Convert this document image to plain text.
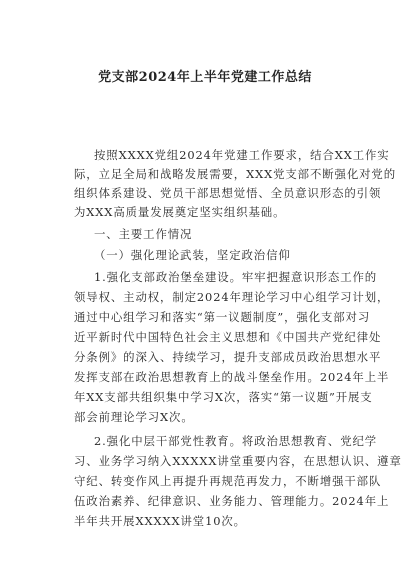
党支部2024年上半年党建工作总结

按照XXXX党组2024年党建工作要求，结合XX工作实

际，立足全局和战略发展需要，XXX党支部不断强化对党的

组织体系建设、党员干部思想觉悟、全员意识形态的引领

为XXX高质量发展奠定坚实组织基础。

一、主要工作情况

（一）强化理论武装，坚定政治信仰

1.强化支部政治堡垒建设。牢牢把握意识形态工作的

领导权、主动权，制定2024年理论学习中心组学习计划，

通过中心组学习和落实“第一议题制度”，强化支部对习

近平新时代中国特色社会主义思想和《中国共产党纪律处

分条例》的深入、持续学习，提升支部成员政治思想水平

发挥支部在政治思想教育上的战斗堡垒作用。2024年上半

年XX支部共组织集中学习X次，落实“第一议题”开展支

部会前理论学习X次。

2.强化中层干部党性教育。将政治思想教育、党纪学

习、业务学习纳入XXXXX讲堂重要内容，在思想认识、遵章

守纪、转变作风上再提升再规范再发力，不断增强干部队

伍政治素养、纪律意识、业务能力、管理能力。2024年上

半年共开展XXXXX讲堂10次。
